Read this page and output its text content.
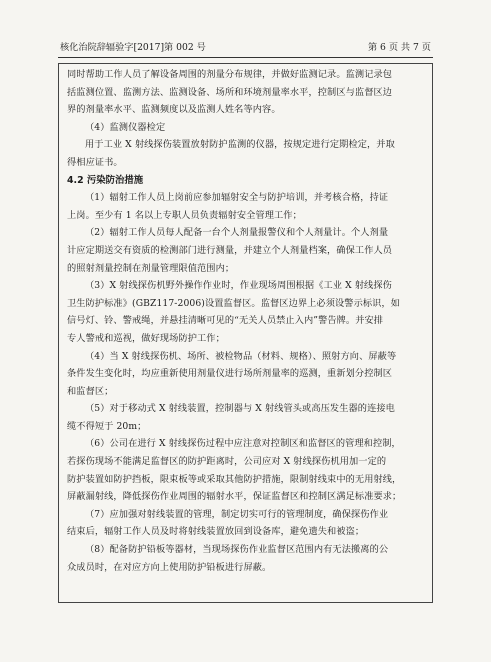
核化治院辞辐验字[2017]第 002 号	第 6 页 共 7 页

同时帮助工作人员了解设备周围的剂量分布规律，并做好监测记录。监测记录包

括监测位置、监测方法、监测设备、场所和环境剂量率水平，控制区与监督区边

界的剂量率水平、监测频度以及监测人姓名等内容。

（4）监测仪器检定

用于工业 X 射线探伤装置放射防护监测的仪器，按规定进行定期检定，并取

得相应证书。

4.2 污染防治措施

（1）辐射工作人员上岗前应参加辐射安全与防护培训，并考核合格，持证

上岗。至少有 1 名以上专职人员负责辐射安全管理工作；

（2）辐射工作人员每人配备一台个人剂量报警仪和个人剂量计。个人剂量

计应定期送交有资质的检测部门进行测量，并建立个人剂量档案，确保工作人员

的照射剂量控制在剂量管理限值范围内；

（3）X 射线探伤机野外操作作业时，作业现场周围根据《工业 X 射线探伤

卫生防护标准》(GBZ117-2006)设置监督区。监督区边界上必须设警示标识，如

信号灯、铃、警戒绳，并悬挂清晰可见的“无关人员禁止入内”警告牌。并安排

专人警戒和巡视，做好现场防护工作；

（4）当 X 射线探伤机、场所、被检物品（材料、规格）、照射方向、屏蔽等

条件发生变化时，均应重新使用剂量仪进行场所剂量率的巡测，重新划分控制区

和监督区；

（5）对于移动式 X 射线装置，控制器与 X 射线管头或高压发生器的连接电

缆不得短于 20m；

（6）公司在进行 X 射线探伤过程中应注意对控制区和监督区的管理和控制，

若探伤现场不能满足监督区的防护距离时，公司应对 X 射线探伤机用加一定的

防护装置如防护挡板，限束板等或采取其他防护措施，限制射线束中的无用射线，

屏蔽漏射线，降低探伤作业周围的辐射水平，保证监督区和控制区满足标准要求；

（7）应加强对射线装置的管理，制定切实可行的管理制度，确保探伤作业

结束后，辐射工作人员及时将射线装置放回到设备库，避免遗失和被盗；

（8）配备防护铅板等器材，当现场探伤作业监督区范围内有无法搬离的公

众成员时，在对应方向上使用防护铅板进行屏蔽。
